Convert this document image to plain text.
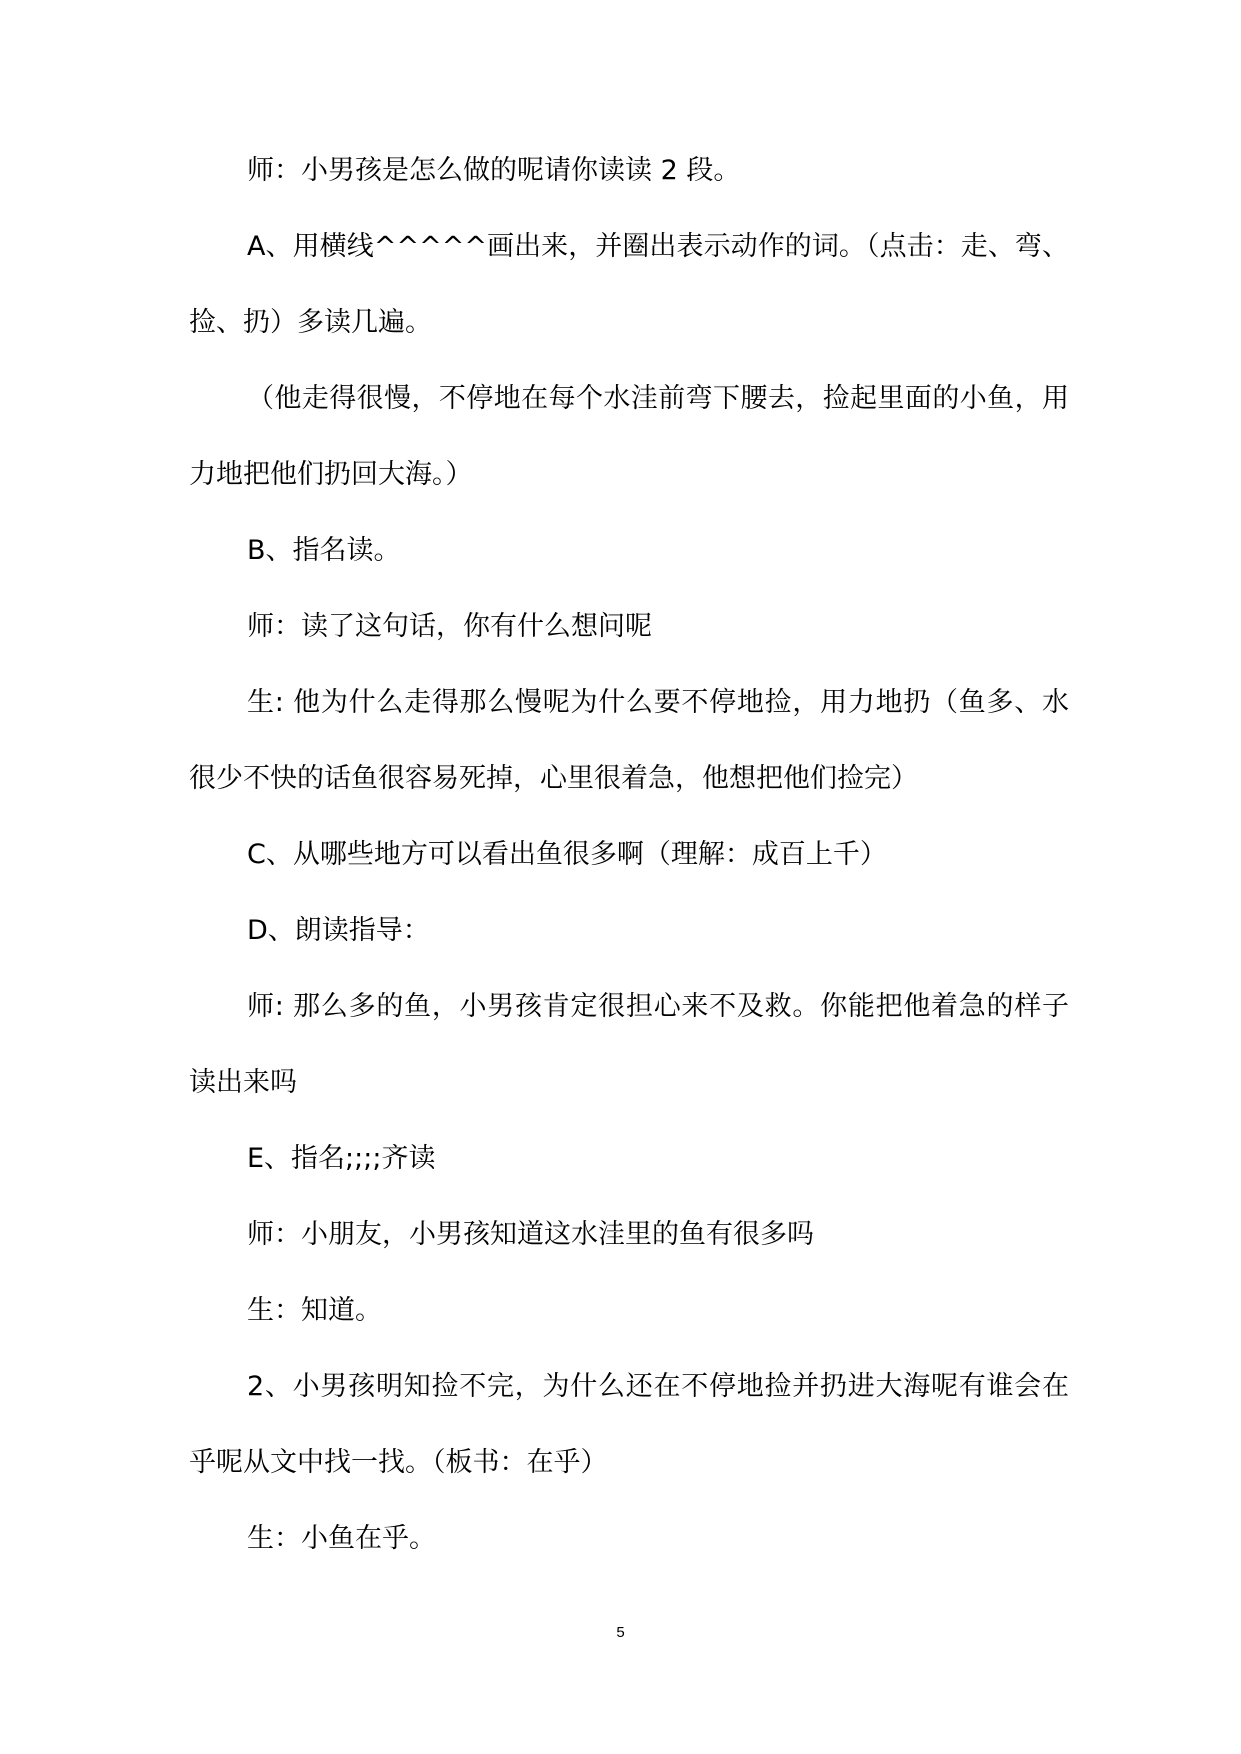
师：小男孩是怎么做的呢请你读读 2 段。

A、用横线^^^^^画出来，并圈出表示动作的词。（点击：走、弯、捡、扔）多读几遍。

（他走得很慢，不停地在每个水洼前弯下腰去，捡起里面的小鱼，用力地把他们扔回大海。）

B、指名读。

师：读了这句话，你有什么想问呢

生: 他为什么走得那么慢呢为什么要不停地捡，用力地扔（鱼多、水很少不快的话鱼很容易死掉，心里很着急，他想把他们捡完）

C、从哪些地方可以看出鱼很多啊（理解：成百上千）

D、朗读指导：

师: 那么多的鱼，小男孩肯定很担心来不及救。你能把他着急的样子读出来吗

E、指名;;;;齐读

师：小朋友，小男孩知道这水洼里的鱼有很多吗

生：知道。

2、小男孩明知捡不完，为什么还在不停地捡并扔进大海呢有谁会在乎呢从文中找一找。（板书：在乎）

生：小鱼在乎。

5
